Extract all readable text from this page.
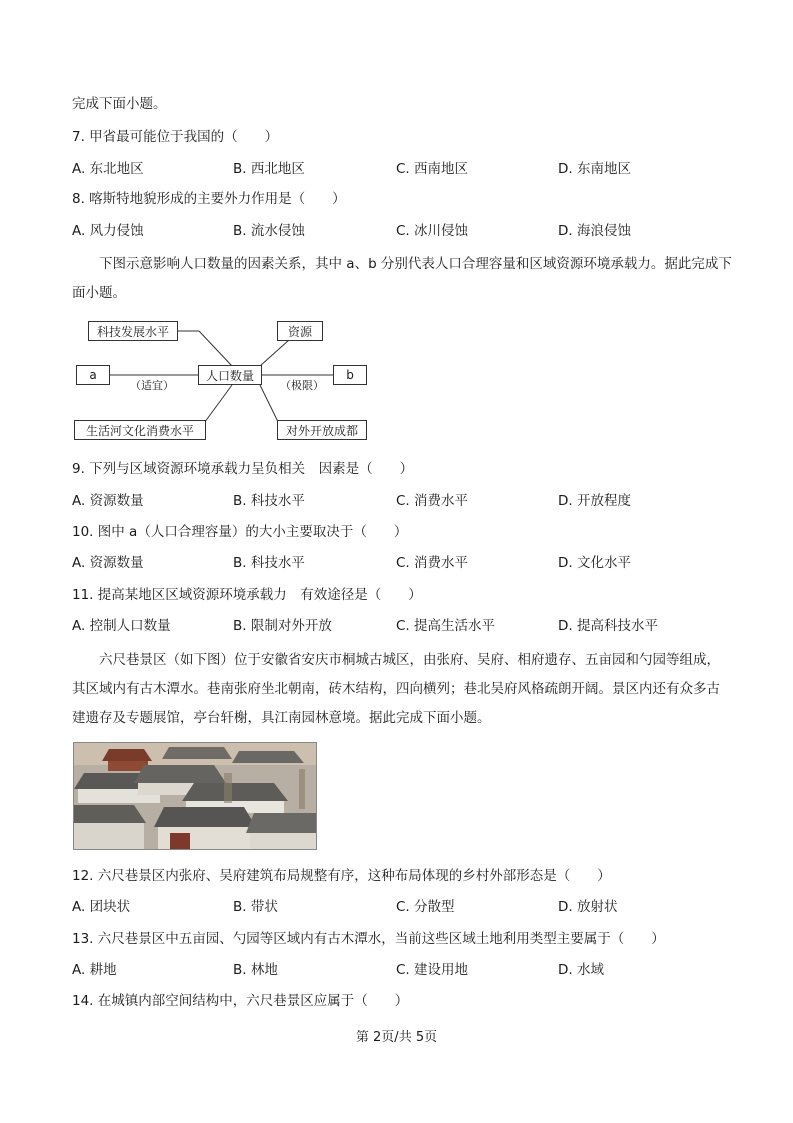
完成下面小题。
7. 甲省最可能位于我国的（　　）
A. 东北地区	B. 西北地区	C. 西南地区	D. 东南地区
8. 喀斯特地貌形成的主要外力作用是（　　）
A. 风力侵蚀	B. 流水侵蚀	C. 冰川侵蚀	D. 海浪侵蚀
下图示意影响人口数量的因素关系，其中 a、b 分别代表人口合理容量和区域资源环境承载力。据此完成下面小题。
科技发展水平	资源
a	人口数量	b
（适宜）	（极限）
生活河文化消费水平	对外开放成都
9. 下列与区域资源环境承载力呈负相关　因素是（　　）
A. 资源数量	B. 科技水平	C. 消费水平	D. 开放程度
10. 图中 a（人口合理容量）的大小主要取决于（　　）
A. 资源数量	B. 科技水平	C. 消费水平	D. 文化水平
11. 提高某地区区域资源环境承载力　有效途径是（　　）
A. 控制人口数量	B. 限制对外开放	C. 提高生活水平	D. 提高科技水平
六尺巷景区（如下图）位于安徽省安庆市桐城古城区，由张府、吴府、相府遗存、五亩园和勺园等组成，其区域内有古木潭水。巷南张府坐北朝南，砖木结构，四向横列；巷北吴府风格疏朗开阔。景区内还有众多古建遗存及专题展馆，亭台轩榭，具江南园林意境。据此完成下面小题。
12. 六尺巷景区内张府、吴府建筑布局规整有序，这种布局体现的乡村外部形态是（　　）
A. 团块状	B. 带状	C. 分散型	D. 放射状
13. 六尺巷景区中五亩园、勺园等区域内有古木潭水，当前这些区域土地利用类型主要属于（　　）
A. 耕地	B. 林地	C. 建设用地	D. 水域
14. 在城镇内部空间结构中，六尺巷景区应属于（　　）
第 2页/共 5页
